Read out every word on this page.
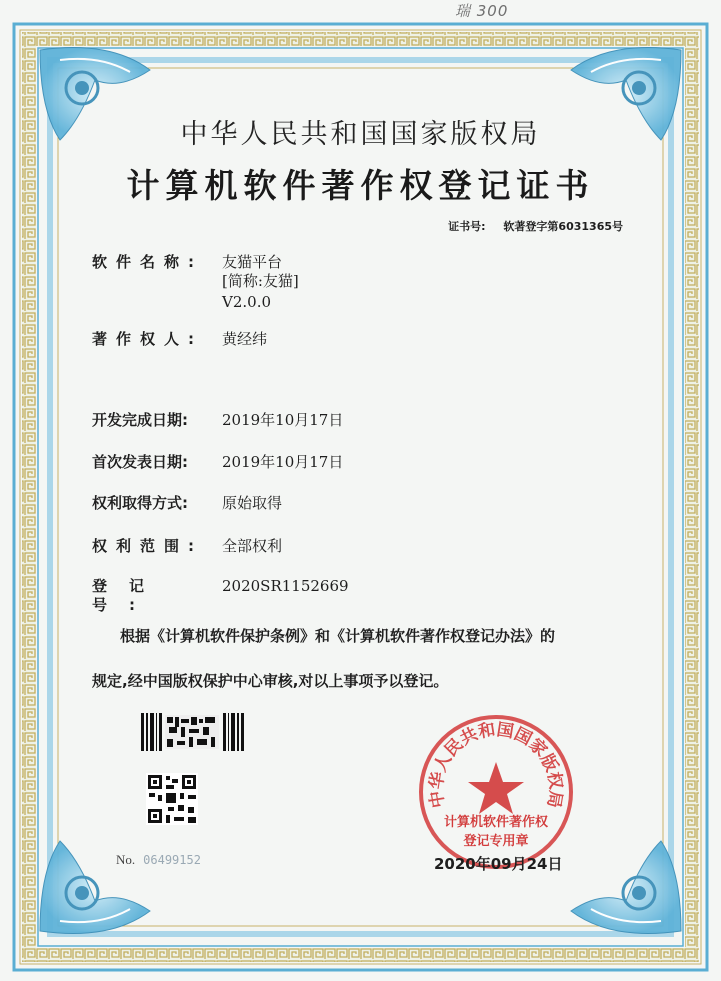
瑞 300
中华人民共和国国家版权局
计算机软件著作权登记证书
证书号: 软著登字第6031365号
软件名称: 友猫平台
[简称:友猫]
V2.0.0
著作权人: 黄经纬
开发完成日期:	2019年10月17日
首次发表日期:	2019年10月17日
权利取得方式:	原始取得
权利范围: 全部权利
登记号:
2020SR1152669
根据《计算机软件保护条例》和《计算机软件著作权登记办法》的
规定,经中国版权保护中心审核,对以上事项予以登记。
No. 06499152
中华人民共和国国家版权局
计算机软件著作权
登记专用章
2020年09月24日
